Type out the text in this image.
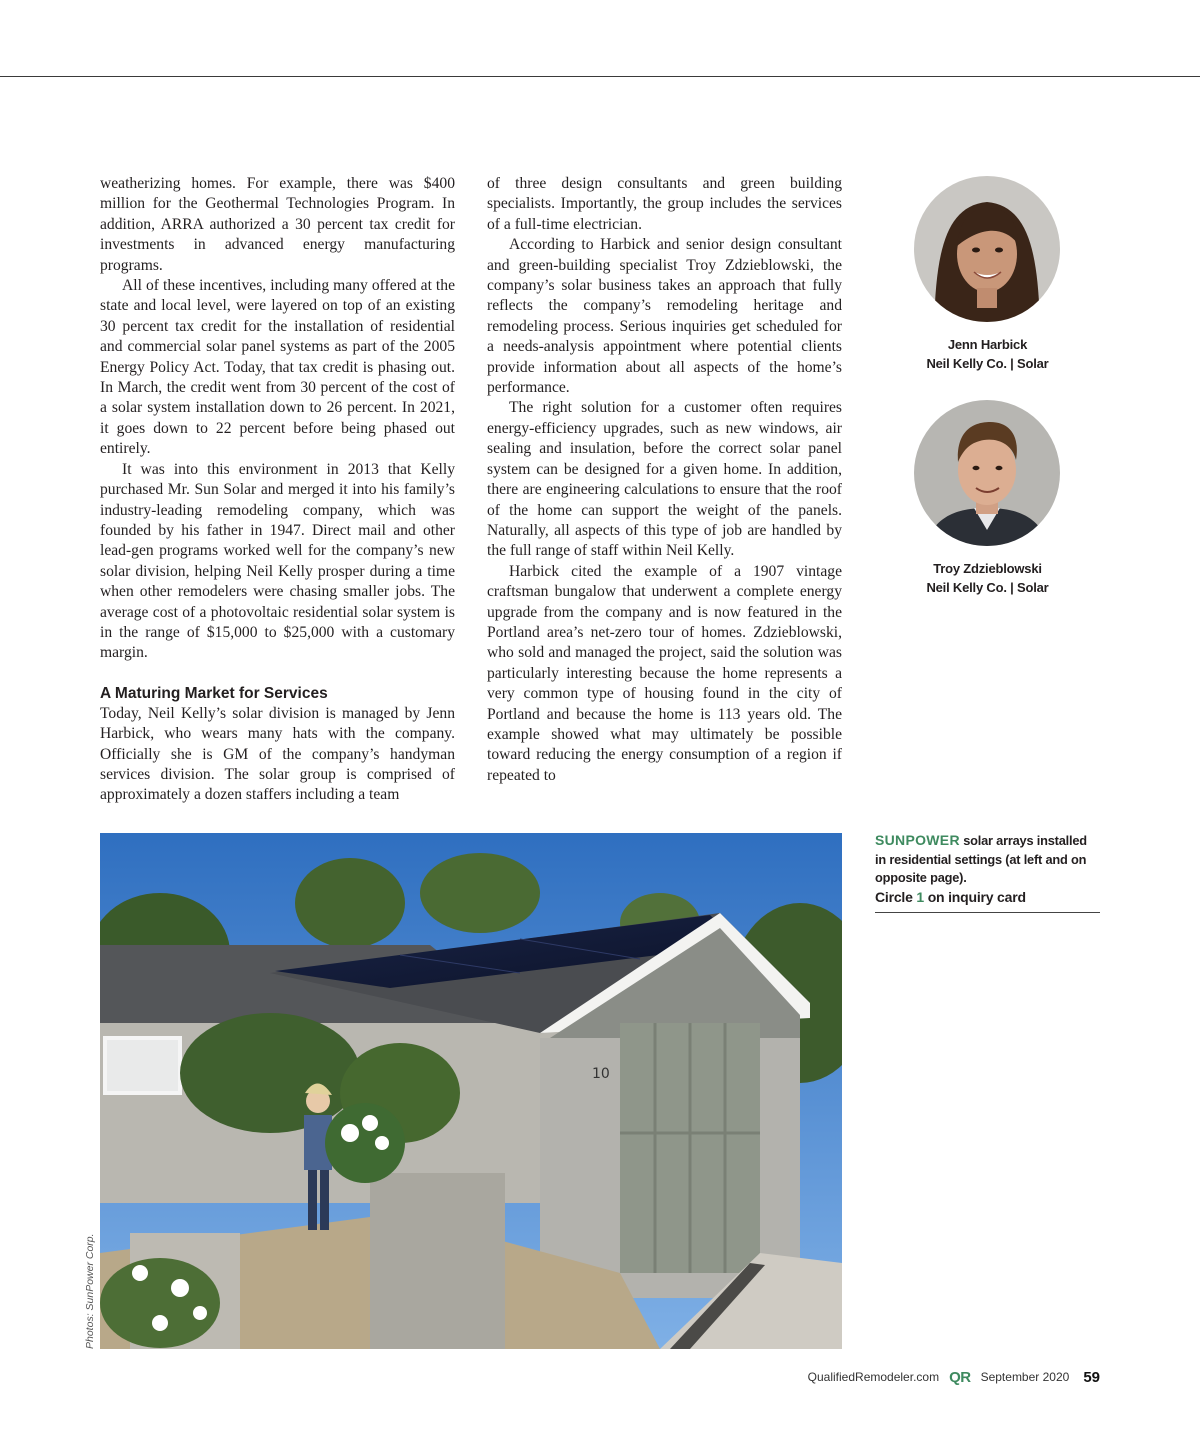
weatherizing homes. For example, there was $400 million for the Geothermal Technologies Program. In addition, ARRA authorized a 30 percent tax credit for investments in advanced energy manufacturing programs.

All of these incentives, including many offered at the state and local level, were layered on top of an existing 30 percent tax credit for the installation of residential and commercial solar panel systems as part of the 2005 Energy Policy Act. Today, that tax credit is phasing out. In March, the credit went from 30 percent of the cost of a solar system installation down to 26 percent. In 2021, it goes down to 22 percent before being phased out entirely.

It was into this environment in 2013 that Kelly purchased Mr. Sun Solar and merged it into his family’s industry-leading remodeling company, which was founded by his father in 1947. Direct mail and other lead-gen programs worked well for the company’s new solar division, helping Neil Kelly prosper during a time when other remodelers were chasing smaller jobs. The average cost of a photovoltaic residential solar system is in the range of $15,000 to $25,000 with a customary margin.

A Maturing Market for Services

Today, Neil Kelly’s solar division is managed by Jenn Harbick, who wears many hats with the company. Officially she is GM of the company’s handyman services division. The solar group is comprised of approximately a dozen staffers including a team

of three design consultants and green building specialists. Importantly, the group includes the services of a full-time electrician.

According to Harbick and senior design consultant and green-building specialist Troy Zdzieblowski, the company’s solar business takes an approach that fully reflects the company’s remodeling heritage and remodeling process. Serious inquiries get scheduled for a needs-analysis appointment where potential clients provide information about all aspects of the home’s performance.

The right solution for a customer often requires energy-efficiency upgrades, such as new windows, air sealing and insulation, before the correct solar panel system can be designed for a given home. In addition, there are engineering calculations to ensure that the roof of the home can support the weight of the panels. Naturally, all aspects of this type of job are handled by the full range of staff within Neil Kelly.

Harbick cited the example of a 1907 vintage craftsman bungalow that underwent a complete energy upgrade from the company and is now featured in the Portland area’s net-zero tour of homes. Zdzieblowski, who sold and managed the project, said the solution was particularly interesting because the home represents a very common type of housing found in the city of Portland and because the home is 113 years old. The example showed what may ultimately be possible toward reducing the energy consumption of a region if repeated to

Jenn Harbick
Neil Kelly Co. | Solar
Troy Zdzieblowski
Neil Kelly Co. | Solar
10
Photos: SunPower Corp.
SUNPOWER solar arrays installed in residential settings (at left and on opposite page).
Circle 1 on inquiry card
QualifiedRemodeler.com QR September 2020 59
